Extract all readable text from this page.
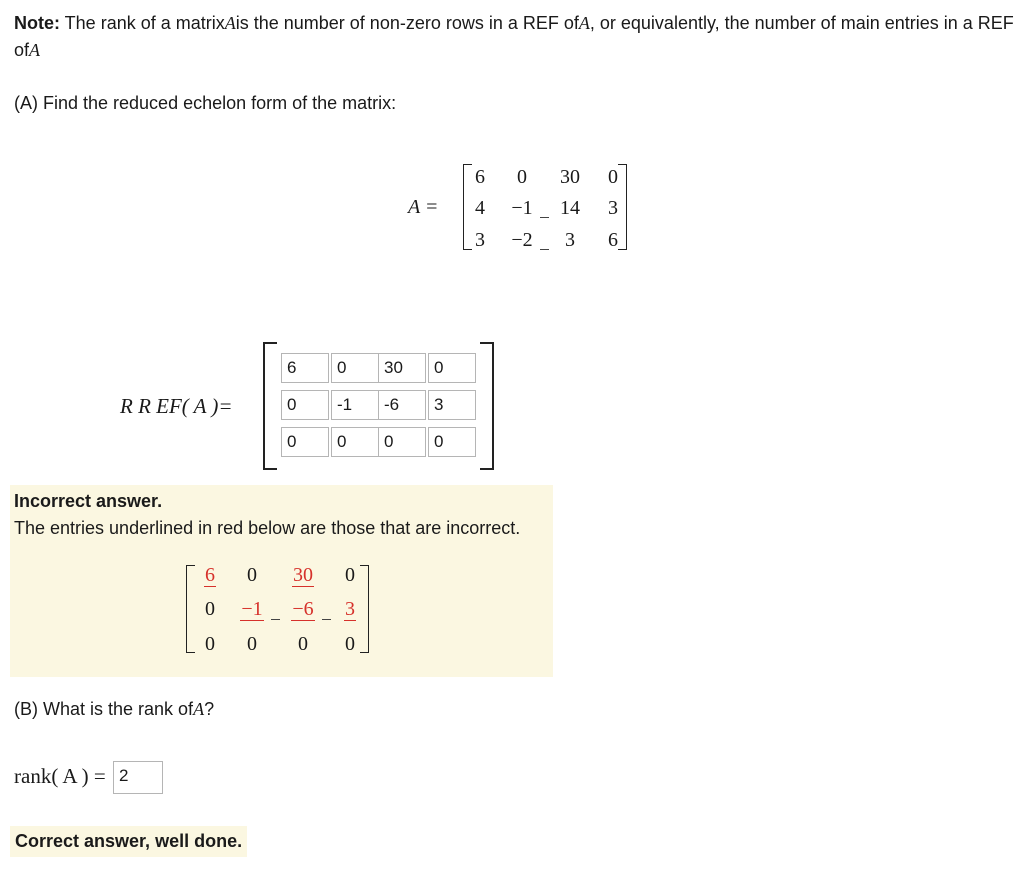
Note: The rank of a matrixAis the number of non-zero rows in a REF ofA, or equivalently, the number of main entries in a REF ofA
(A) Find the reduced echelon form of the matrix:
A =
6	0	30	0
4	−1	14	3
3	−2	3	6
R R EF( A )=
6	0	30	0
0	-1	-6	3
0	0	0	0
Incorrect answer.
The entries underlined in red below are those that are incorrect.
6	0	30	0
0	−1	−6	3
0	0	0	0
(B) What is the rank ofA?
rank( A ) = 2
Correct answer, well done.
